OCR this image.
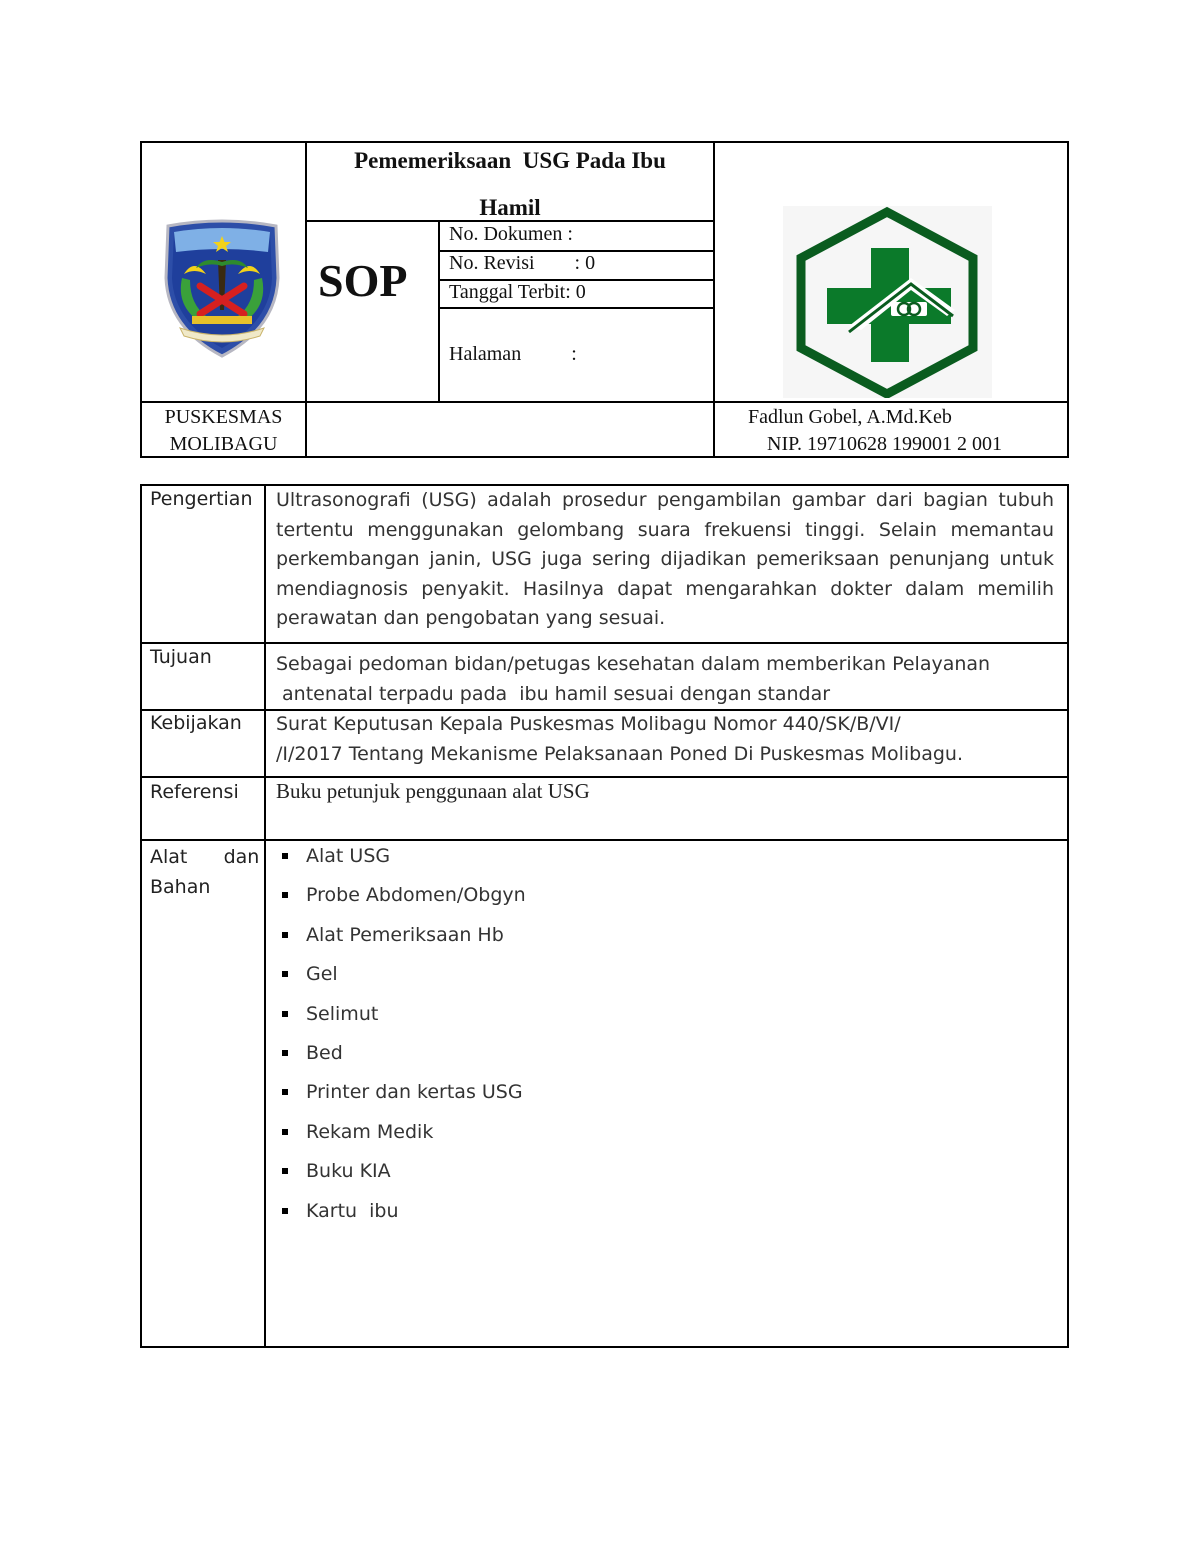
Pememeriksaan  USG Pada Ibu
Hamil
SOP
No. Dokumen :
No. Revisi        : 0
Tanggal Terbit: 0
Halaman          :
PUSKESMAS
MOLIBAGU
Fadlun Gobel, A.Md.Keb
NIP. 19710628 199001 2 001
Pengertian Ultrasonografi (USG) adalah prosedur pengambilan gambar dari bagian tubuh tertentu menggunakan gelombang suara frekuensi tinggi. Selain memantau perkembangan janin, USG juga sering dijadikan pemeriksaan penunjang untuk mendiagnosis penyakit. Hasilnya dapat mengarahkan dokter dalam memilih perawatan dan pengobatan yang sesuai.
Tujuan	Sebagai pedoman bidan/petugas kesehatan dalam memberikan Pelayanan
antenatal terpadu pada  ibu hamil sesuai dengan standar
Kebijakan Surat Keputusan Kepala Puskesmas Molibagu Nomor 440/SK/B/VI/
/I/2017 Tentang Mekanisme Pelaksanaan Poned Di Puskesmas Molibagu.
Referensi Buku petunjuk penggunaan alat USG
Alat      dan
Bahan
Alat USG
Probe Abdomen/Obgyn
Alat Pemeriksaan Hb
Gel
Selimut
Bed
Printer dan kertas USG
Rekam Medik
Buku KIA
Kartu  ibu
